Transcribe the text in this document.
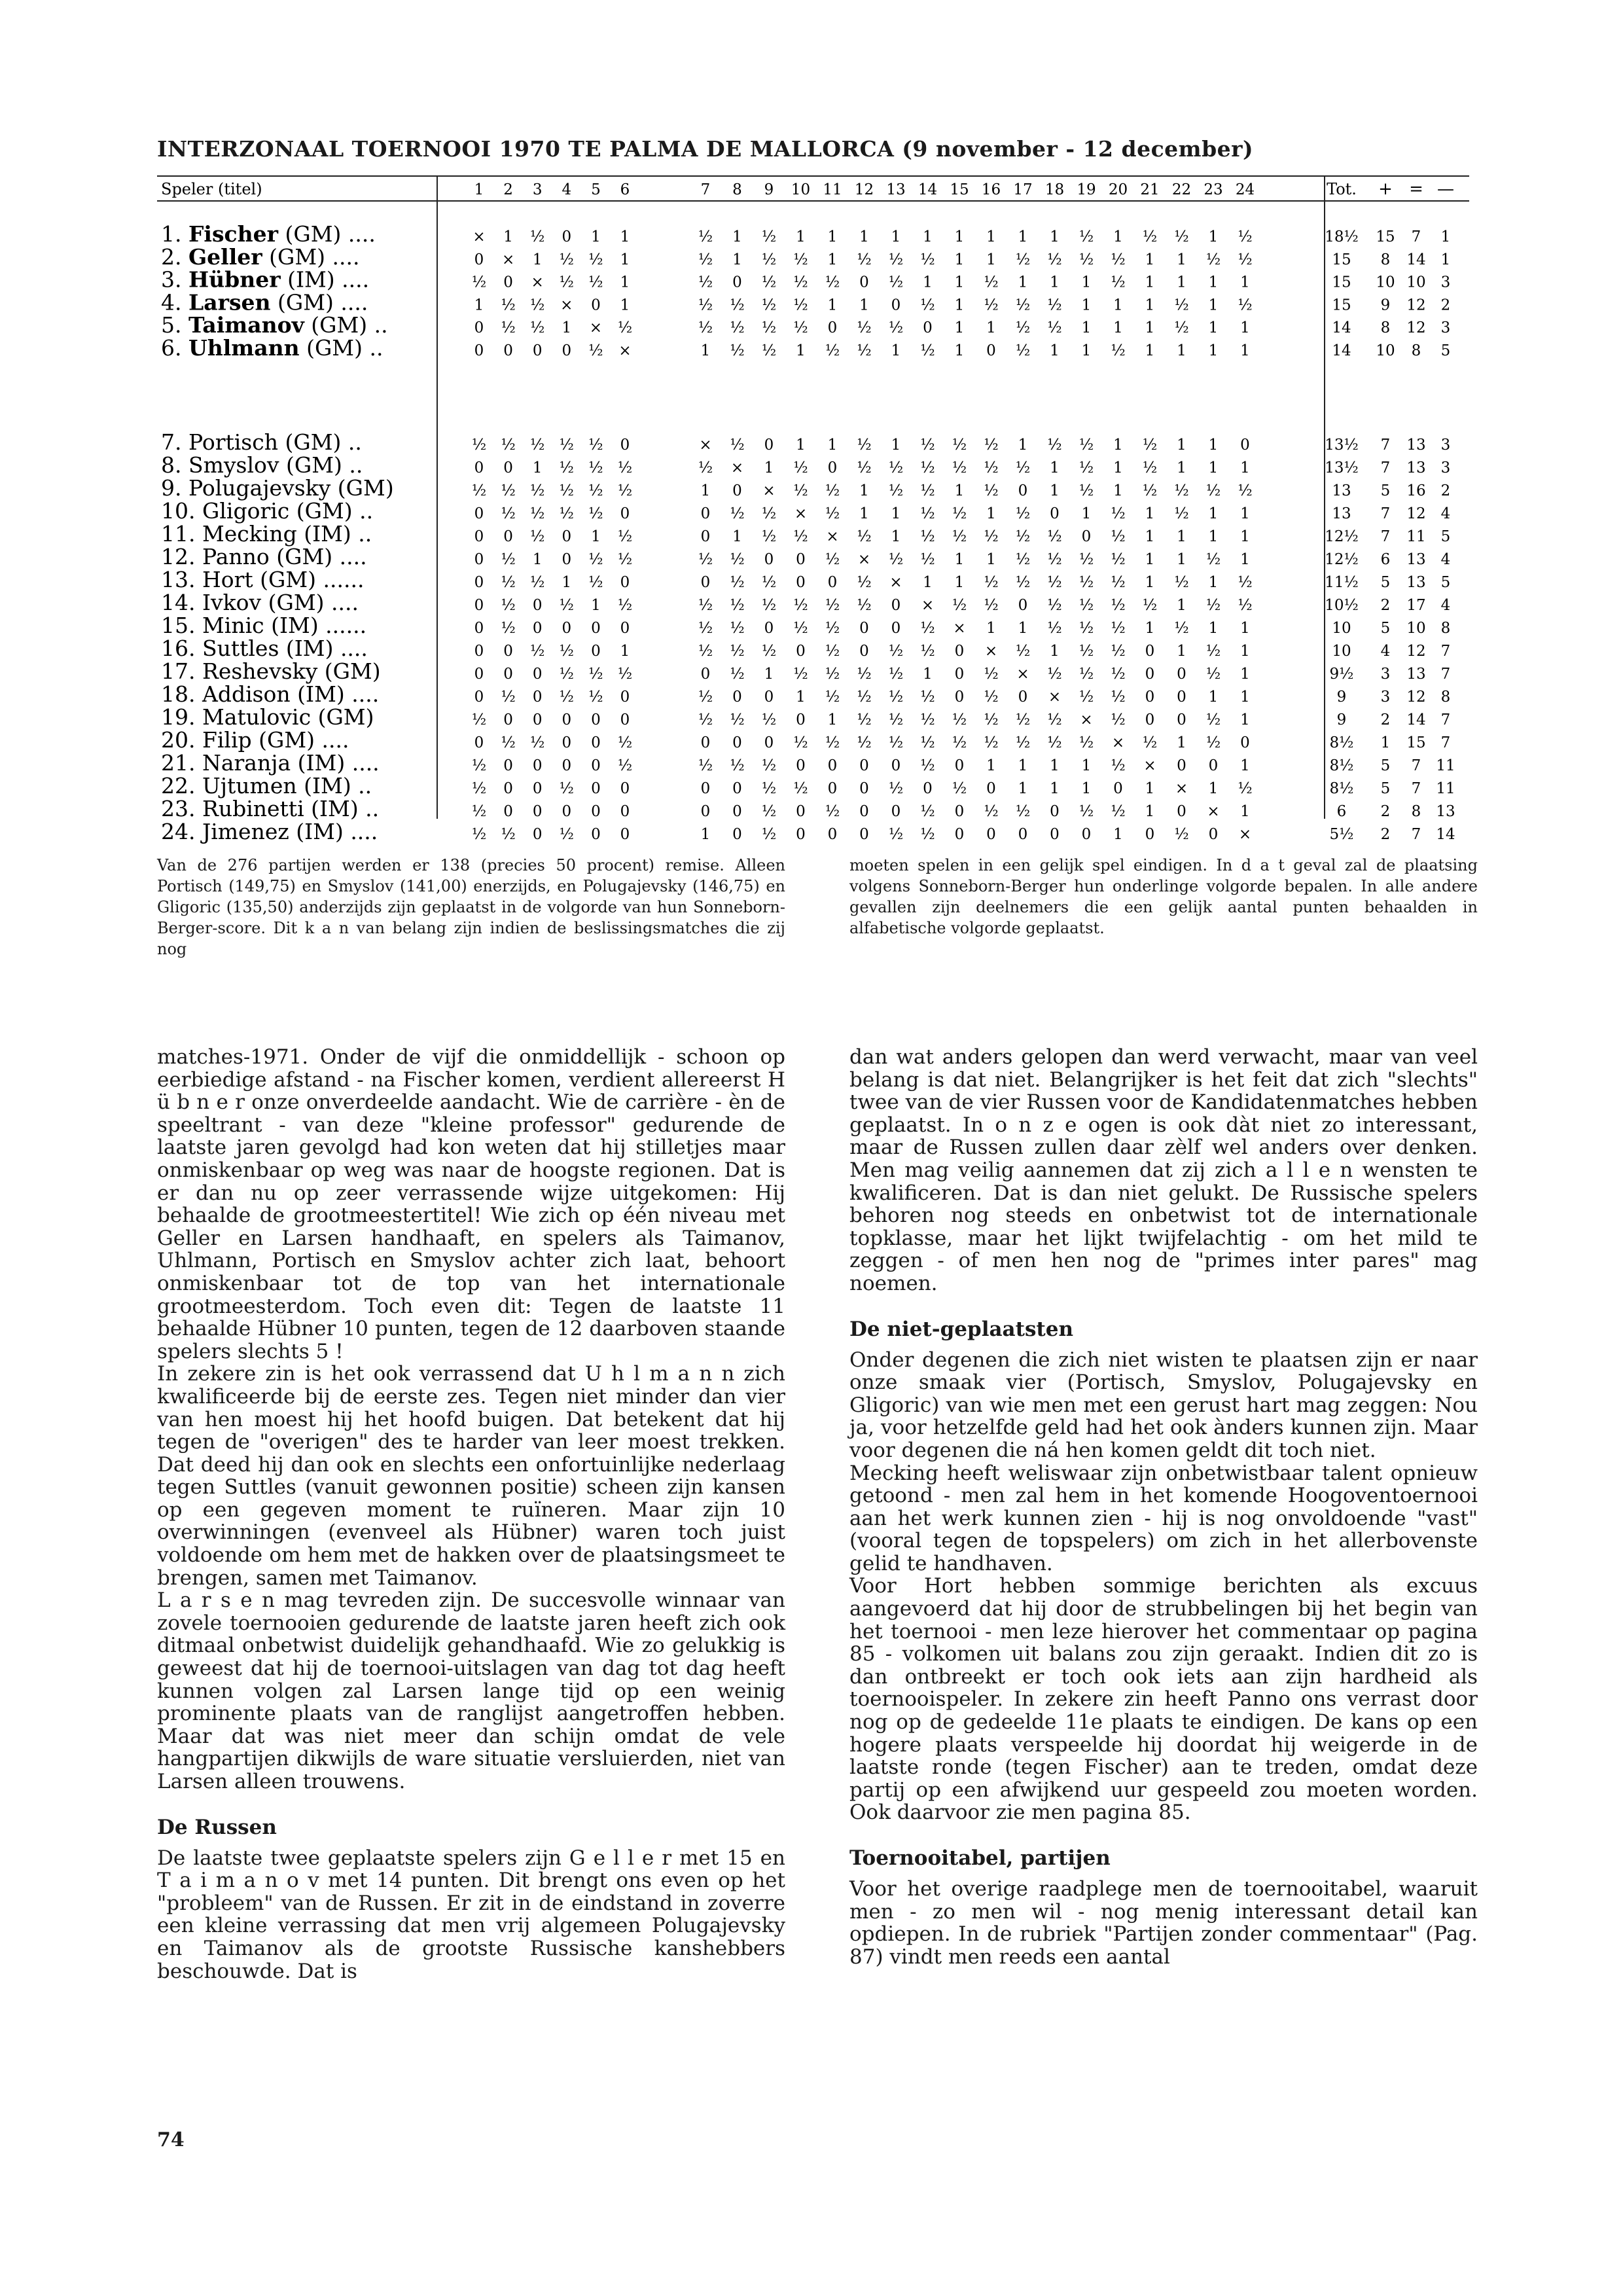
INTERZONAAL TOERNOOI 1970 TE PALMA DE MALLORCA (9 november - 12 december)
Speler (titel)	1 2 3 4 5 6	7 8 9 10 11 12 13 14 15 16 17 18 19 20 21 22 23 24	Tot. + = —
1. Fischer (GM) ....	× 1 ½ 0 1 1	½ 1 ½ 1 1 1 1 1 1 1 1 1 ½ 1 ½ ½ 1 ½	18½ 15 7 1
2. Geller (GM) ....	0 × 1 ½ ½ 1	½ 1 ½ ½ 1 ½ ½ ½ 1 1 ½ ½ ½ ½ 1 1 ½ ½	15 8 14 1
3. Hübner (IM) ....	½ 0 × ½ ½ 1	½ 0 ½ ½ ½ 0 ½ 1 1 ½ 1 1 1 ½ 1 1 1 1	15 10 10 3
4. Larsen (GM) ....	1 ½ ½ × 0 1	½ ½ ½ ½ 1 1 0 ½ 1 ½ ½ ½ 1 1 1 ½ 1 ½	15 9 12 2
5. Taimanov (GM) ..	0 ½ ½ 1 × ½	½ ½ ½ ½ 0 ½ ½ 0 1 1 ½ ½ 1 1 1 ½ 1 1	14 8 12 3
6. Uhlmann (GM) ..	0 0 0 0 ½ ×	1 ½ ½ 1 ½ ½ 1 ½ 1 0 ½ 1 1 ½ 1 1 1 1	14 10 8 5
7. Portisch (GM) ..	½ ½ ½ ½ ½ 0	× ½ 0 1 1 ½ 1 ½ ½ ½ 1 ½ ½ 1 ½ 1 1 0	13½ 7 13 3
8. Smyslov (GM) ..	0 0 1 ½ ½ ½	½ × 1 ½ 0 ½ ½ ½ ½ ½ ½ 1 ½ 1 ½ 1 1 1	13½ 7 13 3
9. Polugajevsky (GM)	½ ½ ½ ½ ½ ½	1 0 × ½ ½ 1 ½ ½ 1 ½ 0 1 ½ 1 ½ ½ ½ ½	13 5 16 2
10. Gligoric (GM) ..	0 ½ ½ ½ ½ 0	0 ½ ½ × ½ 1 1 ½ ½ 1 ½ 0 1 ½ 1 ½ 1 1	13 7 12 4
11. Mecking (IM) ..	0 0 ½ 0 1 ½	0 1 ½ ½ × ½ 1 ½ ½ ½ ½ ½ 0 ½ 1 1 1 1	12½ 7 11 5
12. Panno (GM) ....	0 ½ 1 0 ½ ½	½ ½ 0 0 ½ × ½ ½ 1 1 ½ ½ ½ ½ 1 1 ½ 1	12½ 6 13 4
13. Hort (GM) ......	0 ½ ½ 1 ½ 0	0 ½ ½ 0 0 ½ × 1 1 ½ ½ ½ ½ ½ 1 ½ 1 ½	11½ 5 13 5
14. Ivkov (GM) ....	0 ½ 0 ½ 1 ½	½ ½ ½ ½ ½ ½ 0 × ½ ½ 0 ½ ½ ½ ½ 1 ½ ½	10½ 2 17 4
15. Minic (IM) ......	0 ½ 0 0 0 0	½ ½ 0 ½ ½ 0 0 ½ × 1 1 ½ ½ ½ 1 ½ 1 1	10 5 10 8
16. Suttles (IM) ....	0 0 ½ ½ 0 1	½ ½ ½ 0 ½ 0 ½ ½ 0 × ½ 1 ½ ½ 0 1 ½ 1	10 4 12 7
17. Reshevsky (GM)	0 0 0 ½ ½ ½	0 ½ 1 ½ ½ ½ ½ 1 0 ½ × ½ ½ ½ 0 0 ½ 1	9½ 3 13 7
18. Addison (IM) ....	0 ½ 0 ½ ½ 0	½ 0 0 1 ½ ½ ½ ½ 0 ½ 0 × ½ ½ 0 0 1 1	9 3 12 8
19. Matulovic (GM)	½ 0 0 0 0 0	½ ½ ½ 0 1 ½ ½ ½ ½ ½ ½ ½ × ½ 0 0 ½ 1	9 2 14 7
20. Filip (GM) ....	0 ½ ½ 0 0 ½	0 0 0 ½ ½ ½ ½ ½ ½ ½ ½ ½ ½ × ½ 1 ½ 0	8½ 1 15 7
21. Naranja (IM) ....	½ 0 0 0 0 ½	½ ½ ½ 0 0 0 0 ½ 0 1 1 1 1 ½ × 0 0 1	8½ 5 7 11
22. Ujtumen (IM) ..	½ 0 0 ½ 0 0	0 0 ½ ½ 0 0 ½ 0 ½ 0 1 1 1 0 1 × 1 ½	8½ 5 7 11
23. Rubinetti (IM) ..	½ 0 0 0 0 0	0 0 ½ 0 ½ 0 0 ½ 0 ½ ½ 0 ½ ½ 1 0 × 1	6 2 8 13
24. Jimenez (IM) ....	½ ½ 0 ½ 0 0	1 0 ½ 0 0 0 ½ ½ 0 0 0 0 0 1 0 ½ 0 ×	5½ 2 7 14

Van de 276 partijen werden er 138 (precies 50 procent) remise. Alleen Portisch (149,75) en Smyslov (141,00) enerzijds, en Polugajevsky (146,75) en Gligoric (135,50) anderzijds zijn geplaatst in de volgorde van hun Sonneborn-Berger-score. Dit k a n van belang zijn indien de beslissingsmatches die zij nog

moeten spelen in een gelijk spel eindigen. In d a t geval zal de plaatsing volgens Sonneborn-Berger hun onderlinge volgorde bepalen. In alle andere gevallen zijn deelnemers die een gelijk aantal punten behaalden in alfabetische volgorde geplaatst.

matches-1971. Onder de vijf die onmiddellijk - schoon op eerbiedige afstand - na Fischer komen, verdient allereerst H ü b n e r onze onverdeelde aandacht. Wie de carrière - èn de speeltrant - van deze "kleine professor" gedurende de laatste jaren gevolgd had kon weten dat hij stilletjes maar onmiskenbaar op weg was naar de hoogste regionen. Dat is er dan nu op zeer verrassende wijze uitgekomen: Hij behaalde de grootmeestertitel! Wie zich op één niveau met Geller en Larsen handhaaft, en spelers als Taimanov, Uhlmann, Portisch en Smyslov achter zich laat, behoort onmiskenbaar tot de top van het internationale grootmeesterdom. Toch even dit: Tegen de laatste 11 behaalde Hübner 10 punten, tegen de 12 daarboven staande spelers slechts 5 !

In zekere zin is het ook verrassend dat U h l m a n n zich kwalificeerde bij de eerste zes. Tegen niet minder dan vier van hen moest hij het hoofd buigen. Dat betekent dat hij tegen de "overigen" des te harder van leer moest trekken. Dat deed hij dan ook en slechts een onfortuinlijke nederlaag tegen Suttles (vanuit gewonnen positie) scheen zijn kansen op een gegeven moment te ruïneren. Maar zijn 10 overwinningen (evenveel als Hübner) waren toch juist voldoende om hem met de hakken over de plaatsingsmeet te brengen, samen met Taimanov.

L a r s e n mag tevreden zijn. De succesvolle winnaar van zovele toernooien gedurende de laatste jaren heeft zich ook ditmaal onbetwist duidelijk gehandhaafd. Wie zo gelukkig is geweest dat hij de toernooi-uitslagen van dag tot dag heeft kunnen volgen zal Larsen lange tijd op een weinig prominente plaats van de ranglijst aangetroffen hebben. Maar dat was niet meer dan schijn omdat de vele hangpartijen dikwijls de ware situatie versluierden, niet van Larsen alleen trouwens.

De Russen

De laatste twee geplaatste spelers zijn G e l l e r met 15 en T a i m a n o v met 14 punten. Dit brengt ons even op het "probleem" van de Russen. Er zit in de eindstand in zoverre een kleine verrassing dat men vrij algemeen Polugajevsky en Taimanov als de grootste Russische kanshebbers beschouwde. Dat is

dan wat anders gelopen dan werd verwacht, maar van veel belang is dat niet. Belangrijker is het feit dat zich "slechts" twee van de vier Russen voor de Kandidatenmatches hebben geplaatst. In o n z e ogen is ook dàt niet zo interessant, maar de Russen zullen daar zèlf wel anders over denken. Men mag veilig aannemen dat zij zich a l l e n wensten te kwalificeren. Dat is dan niet gelukt. De Russische spelers behoren nog steeds en onbetwist tot de internationale topklasse, maar het lijkt twijfelachtig - om het mild te zeggen - of men hen nog de "primes inter pares" mag noemen.

De niet-geplaatsten

Onder degenen die zich niet wisten te plaatsen zijn er naar onze smaak vier (Portisch, Smyslov, Polugajevsky en Gligoric) van wie men met een gerust hart mag zeggen: Nou ja, voor hetzelfde geld had het ook ànders kunnen zijn. Maar voor degenen die ná hen komen geldt dit toch niet.

Mecking heeft weliswaar zijn onbetwistbaar talent opnieuw getoond - men zal hem in het komende Hoogoventoernooi aan het werk kunnen zien - hij is nog onvoldoende "vast" (vooral tegen de topspelers) om zich in het allerbovenste gelid te handhaven.

Voor Hort hebben sommige berichten als excuus aangevoerd dat hij door de strubbelingen bij het begin van het toernooi - men leze hierover het commentaar op pagina 85 - volkomen uit balans zou zijn geraakt. Indien dit zo is dan ontbreekt er toch ook iets aan zijn hardheid als toernooispeler. In zekere zin heeft Panno ons verrast door nog op de gedeelde 11e plaats te eindigen. De kans op een hogere plaats verspeelde hij doordat hij weigerde in de laatste ronde (tegen Fischer) aan te treden, omdat deze partij op een afwijkend uur gespeeld zou moeten worden. Ook daarvoor zie men pagina 85.

Toernooitabel, partijen

Voor het overige raadplege men de toernooitabel, waaruit men - zo men wil - nog menig interessant detail kan opdiepen. In de rubriek "Partijen zonder commentaar" (Pag. 87) vindt men reeds een aantal

74
